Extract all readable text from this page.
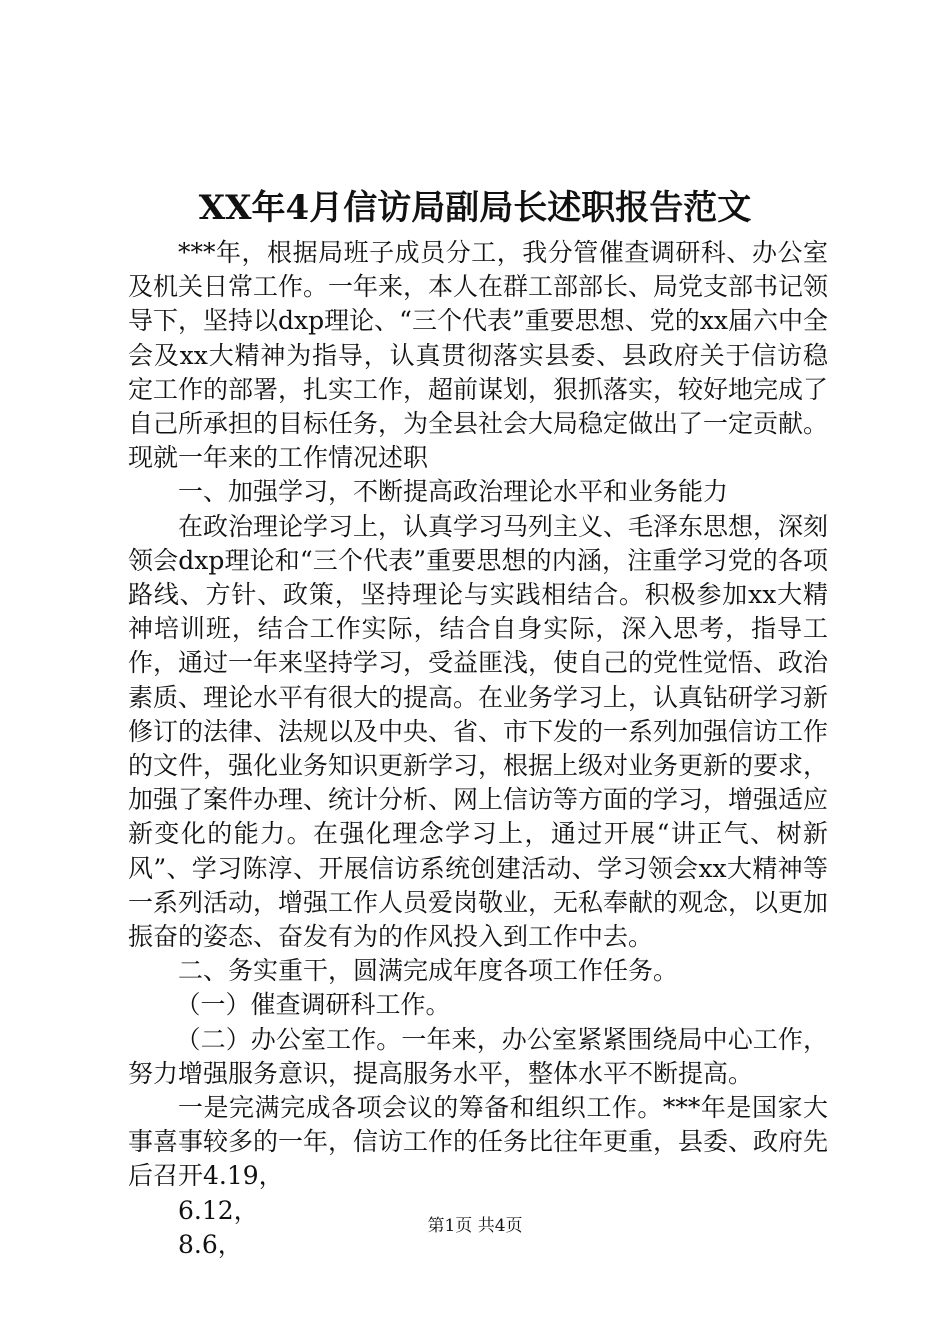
XX年4月信访局副局长述职报告范文

***年，根据局班子成员分工，我分管催查调研科、办公室及机关日常工作。一年来，本人在群工部部长、局党支部书记领导下，坚持以dxp理论、“三个代表”重要思想、党的xx届六中全会及xx大精神为指导，认真贯彻落实县委、县政府关于信访稳定工作的部署，扎实工作，超前谋划，狠抓落实，较好地完成了自己所承担的目标任务，为全县社会大局稳定做出了一定贡献。现就一年来的工作情况述职

一、加强学习，不断提高政治理论水平和业务能力

在政治理论学习上，认真学习马列主义、毛泽东思想，深刻领会dxp理论和“三个代表”重要思想的内涵，注重学习党的各项路线、方针、政策，坚持理论与实践相结合。积极参加xx大精神培训班，结合工作实际，结合自身实际，深入思考，指导工作，通过一年来坚持学习，受益匪浅，使自己的党性觉悟、政治素质、理论水平有很大的提高。在业务学习上，认真钻研学习新修订的法律、法规以及中央、省、市下发的一系列加强信访工作的文件，强化业务知识更新学习，根据上级对业务更新的要求，加强了案件办理、统计分析、网上信访等方面的学习，增强适应新变化的能力。在强化理念学习上，通过开展“讲正气、树新风”、学习陈淳、开展信访系统创建活动、学习领会xx大精神等一系列活动，增强工作人员爱岗敬业，无私奉献的观念，以更加振奋的姿态、奋发有为的作风投入到工作中去。

二、务实重干，圆满完成年度各项工作任务。

（一）催查调研科工作。

（二）办公室工作。一年来，办公室紧紧围绕局中心工作，努力增强服务意识，提高服务水平，整体水平不断提高。

一是完满完成各项会议的筹备和组织工作。***年是国家大事喜事较多的一年，信访工作的任务比往年更重，县委、政府先后召开4.19，

6.12，

8.6，

第1页 共4页
